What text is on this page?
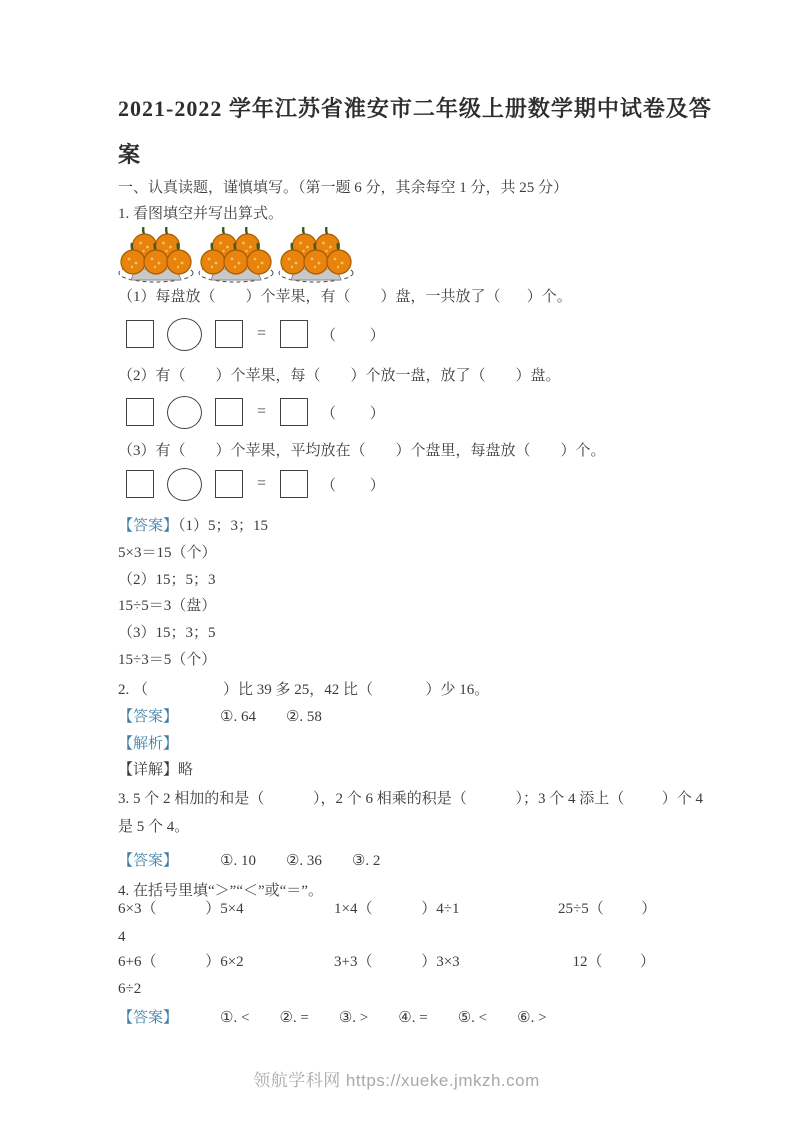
2021-2022 学年江苏省淮安市二年级上册数学期中试卷及答
案
一、认真读题，谨慎填写。（第一题 6 分，其余每空 1 分，共 25 分）
1. 看图填空并写出算式。
（1）每盘放（        ）个苹果，有（        ）盘，一共放了（       ）个。
=	（         ）
（2）有（        ）个苹果，每（        ）个放一盘，放了（        ）盘。
=	（         ）
（3）有（        ）个苹果，平均放在（        ）个盘里，每盘放（        ）个。
=	（         ）
【答案】（1）5；3；15
5×3＝15（个）
（2）15；5；3
15÷5＝3（盘）
（3）15；3；5
15÷3＝5（个）
2. （                    ）比 39 多 25，42 比（              ）少 16。
【答案】	①. 64 ②. 58
【解析】
【详解】略
3. 5 个 2 相加的和是（             ），2 个 6 相乘的积是（             ）；3 个 4 添上（          ）个 4
是 5 个 4。
【答案】	①. 10 ②. 36 ③. 2
4. 在括号里填“＞”“＜”或“＝”。
6×3（             ）5×4	1×4（             ）4÷1	25÷5（          ）
4
6+6（             ）6×2	3+3（             ）3×3	12（          ）
6÷2
【答案】	①. < ②. = ③. > ④. = ⑤. < ⑥. >
领航学科网 https://xueke.jmkzh.com
